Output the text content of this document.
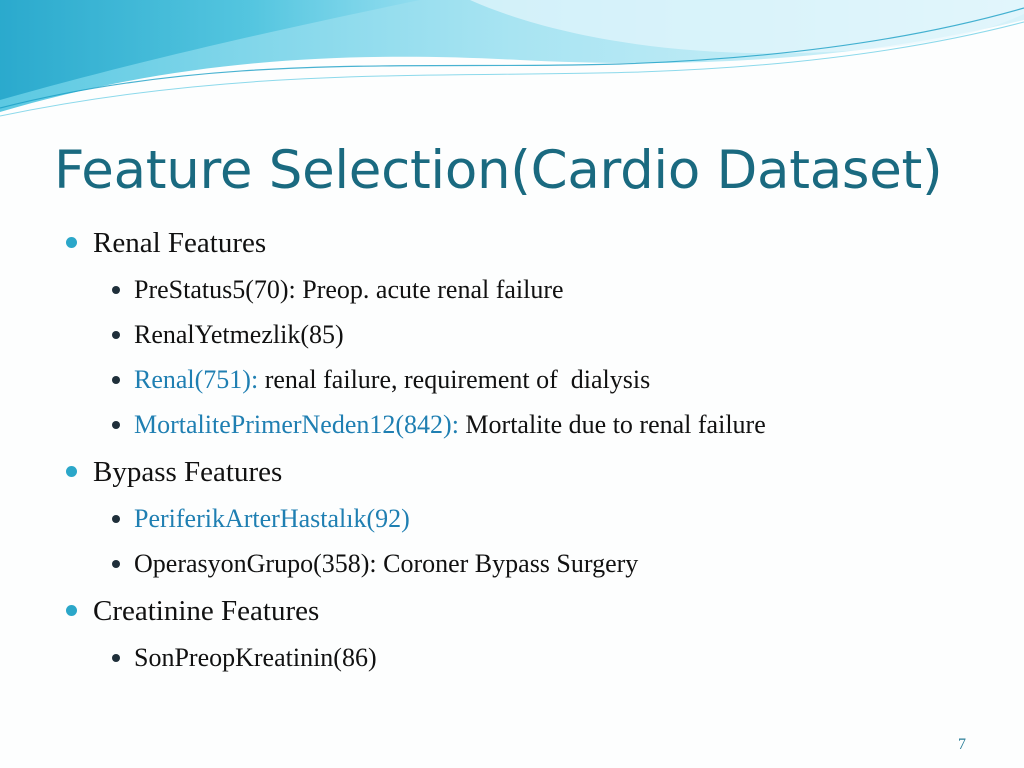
Feature Selection(Cardio Dataset)
Renal Features
PreStatus5(70): Preop. acute renal failure
RenalYetmezlik(85)
Renal(751): renal failure, requirement of  dialysis
MortalitePrimerNeden12(842): Mortalite due to renal failure
Bypass Features
PeriferikArterHastalık(92)
OperasyonGrupo(358): Coroner Bypass Surgery
Creatinine Features
SonPreopKreatinin(86)
7
